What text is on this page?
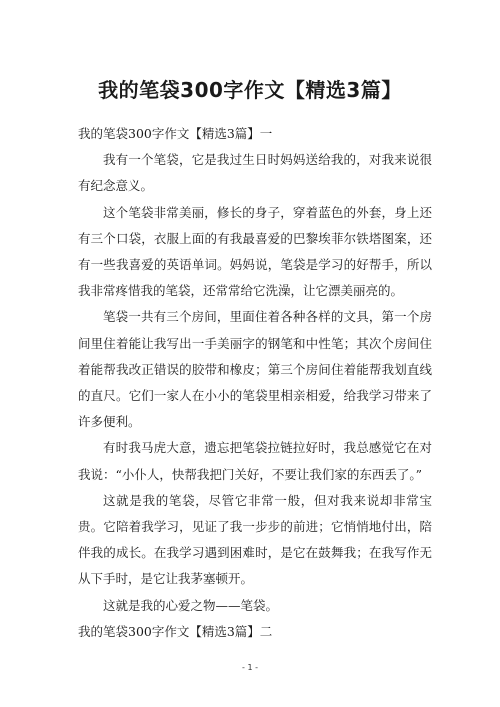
我的笔袋300字作文【精选3篇】

我的笔袋300字作文【精选3篇】一

我有一个笔袋，它是我过生日时妈妈送给我的，对我来说很有纪念意义。

这个笔袋非常美丽，修长的身子，穿着蓝色的外套，身上还有三个口袋，衣服上面的有我最喜爱的巴黎埃菲尔铁塔图案，还有一些我喜爱的英语单词。妈妈说，笔袋是学习的好帮手，所以我非常疼惜我的笔袋，还常常给它洗澡，让它漂美丽亮的。

笔袋一共有三个房间，里面住着各种各样的文具，第一个房间里住着能让我写出一手美丽字的钢笔和中性笔；其次个房间住着能帮我改正错误的胶带和橡皮；第三个房间住着能帮我划直线的直尺。它们一家人在小小的笔袋里相亲相爱，给我学习带来了许多便利。

有时我马虎大意，遗忘把笔袋拉链拉好时，我总感觉它在对我说：“小仆人，快帮我把门关好，不要让我们家的东西丢了。”

这就是我的笔袋，尽管它非常一般，但对我来说却非常宝贵。它陪着我学习，见证了我一步步的前进；它悄悄地付出，陪伴我的成长。在我学习遇到困难时，是它在鼓舞我；在我写作无从下手时，是它让我茅塞顿开。

这就是我的心爱之物——笔袋。

我的笔袋300字作文【精选3篇】二

- 1 -
